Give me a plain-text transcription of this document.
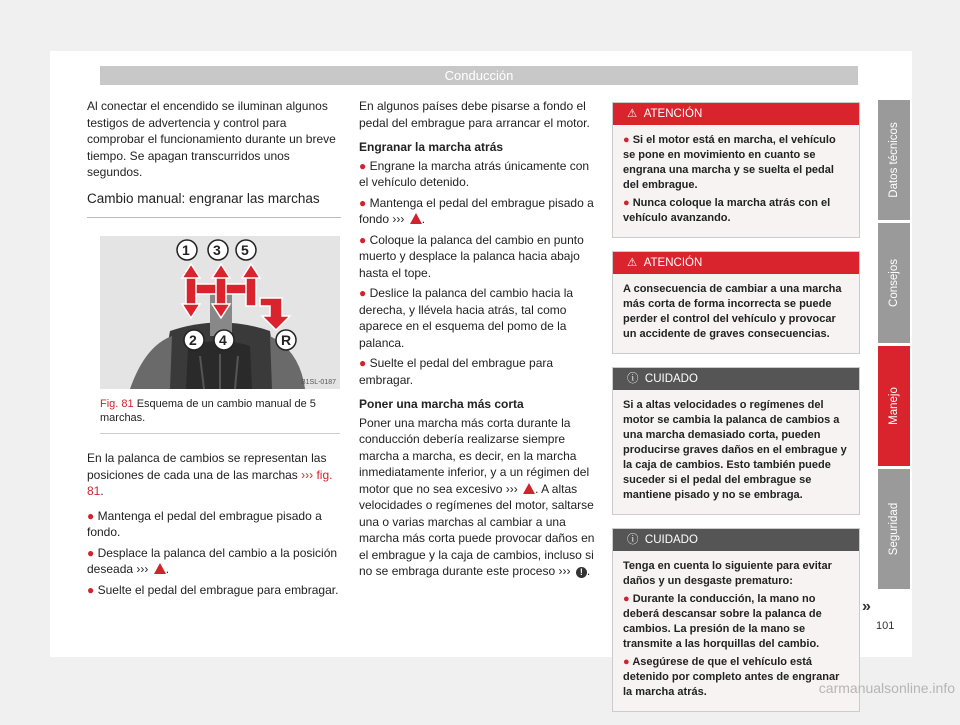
Conducción

Al conectar el encendido se iluminan algunos testigos de advertencia y control para comprobar el funcionamiento durante un breve tiempo. Se apagan transcurridos unos segundos.

Cambio manual: engranar las marchas
1 3 5
2 4	R
B1SL-0187
Fig. 81 Esquema de un cambio manual de 5 marchas.

En la palanca de cambios se representan las posiciones de cada una de las marchas ››› fig. 81.

● Mantenga el pedal del embrague pisado a fondo.

● Desplace la palanca del cambio a la posición deseada ››› .

● Suelte el pedal del embrague para embragar.

En algunos países debe pisarse a fondo el pedal del embrague para arrancar el motor.

Engranar la marcha atrás

● Engrane la marcha atrás únicamente con el vehículo detenido.

● Mantenga el pedal del embrague pisado a fondo ››› .

● Coloque la palanca del cambio en punto muerto y desplace la palanca hacia abajo hasta el tope.

● Deslice la palanca del cambio hacia la derecha, y llévela hacia atrás, tal como aparece en el esquema del pomo de la palanca.

● Suelte el pedal del embrague para embragar.

Poner una marcha más corta

Poner una marcha más corta durante la conducción debería realizarse siempre marcha a marcha, es decir, en la marcha inmediatamente inferior, y a un régimen del motor que no sea excesivo ››› . A altas velocidades o regímenes del motor, saltarse una o varias marchas al cambiar a una marcha más corta puede provocar daños en el embrague y la caja de cambios, incluso si no se embraga durante este proceso ››› ! .

⚠  ATENCIÓN

● Si el motor está en marcha, el vehículo se pone en movimiento en cuanto se engrana una marcha y se suelta el pedal del embrague.

● Nunca coloque la marcha atrás con el vehículo avanzando.

⚠  ATENCIÓN

A consecuencia de cambiar a una marcha más corta de forma incorrecta se puede perder el control del vehículo y provocar un accidente de graves consecuencias.

ⓘ  CUIDADO

Si a altas velocidades o regímenes del motor se cambia la palanca de cambios a una marcha demasiado corta, pueden producirse graves daños en el embrague y la caja de cambios. Esto también puede suceder si el pedal del embrague se mantiene pisado y no se embraga.

ⓘ  CUIDADO

Tenga en cuenta lo siguiente para evitar daños y un desgaste prematuro:

● Durante la conducción, la mano no deberá descansar sobre la palanca de cambios. La presión de la mano se transmite a las horquillas del cambio.

● Asegúrese de que el vehículo está detenido por completo antes de engranar la marcha atrás.

»
Datos técnicos
Consejos
Manejo
Seguridad
101
carmanualsonline.info
